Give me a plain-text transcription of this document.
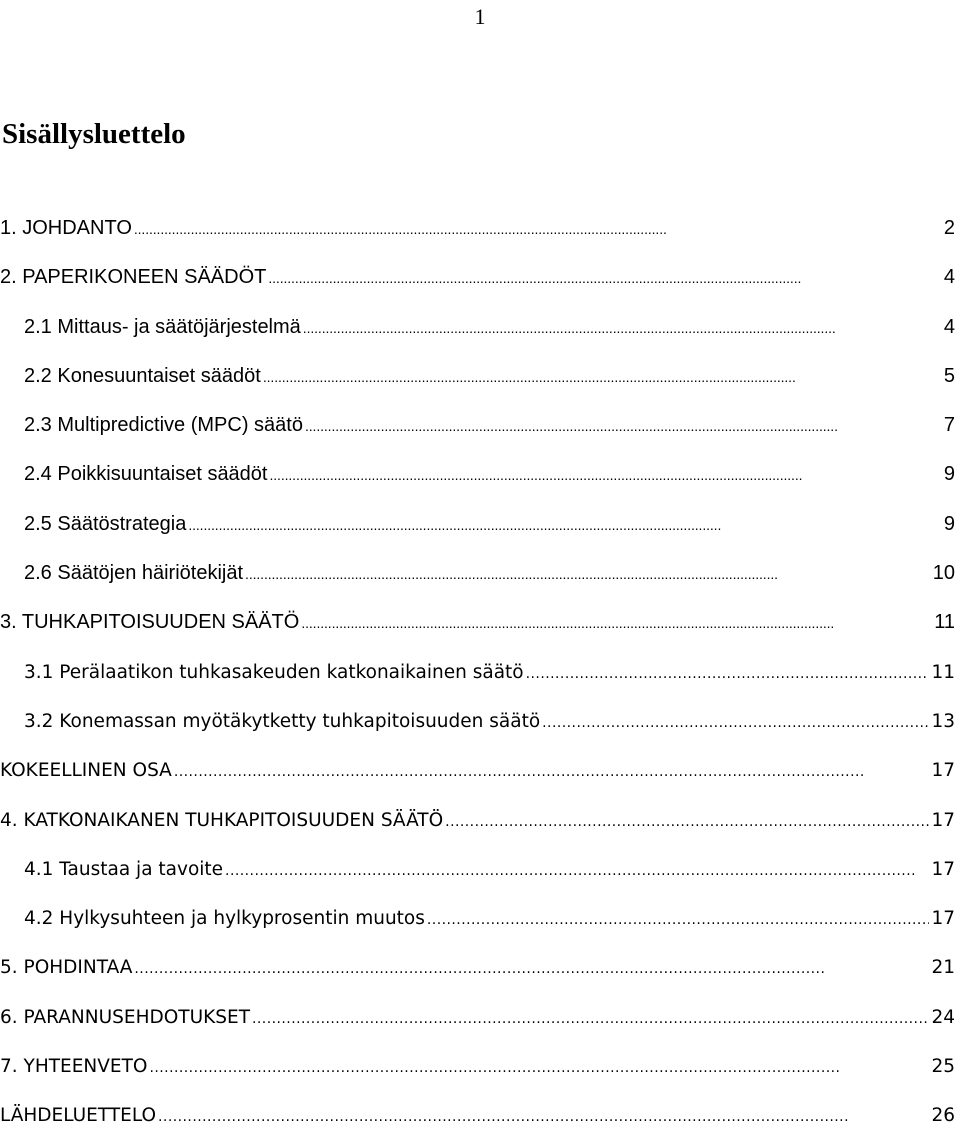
1
Sisällysluettelo
1. JOHDANTO . . .	2
2. PAPERIKONEEN SÄÄDÖT . . .	4
2.1 Mittaus- ja säätöjärjestelmä . . .	4
2.2 Konesuuntaiset säädöt . . .	5
2.3 Multipredictive (MPC) säätö . . .	7
2.4 Poikkisuuntaiset säädöt . . .	9
2.5 Säätöstrategia . . .	9
2.6 Säätöjen häiriötekijät . . .	10
3. TUHKAPITOISUUDEN SÄÄTÖ . . .	11
3.1 Perälaatikon tuhkasakeuden katkonaikainen säätö . . .	11
3.2 Konemassan myötäkytketty tuhkapitoisuuden säätö . . .	13
KOKEELLINEN OSA . . .	17
4. KATKONAIKANEN TUHKAPITOISUUDEN SÄÄTÖ . . .	17
4.1 Taustaa ja tavoite . . .	17
4.2 Hylkysuhteen ja hylkyprosentin muutos . . .	17
5. POHDINTAA . . .	21
6. PARANNUSEHDOTUKSET . . .	24
7. YHTEENVETO . . .	25
LÄHDELUETTELO . . .	26
